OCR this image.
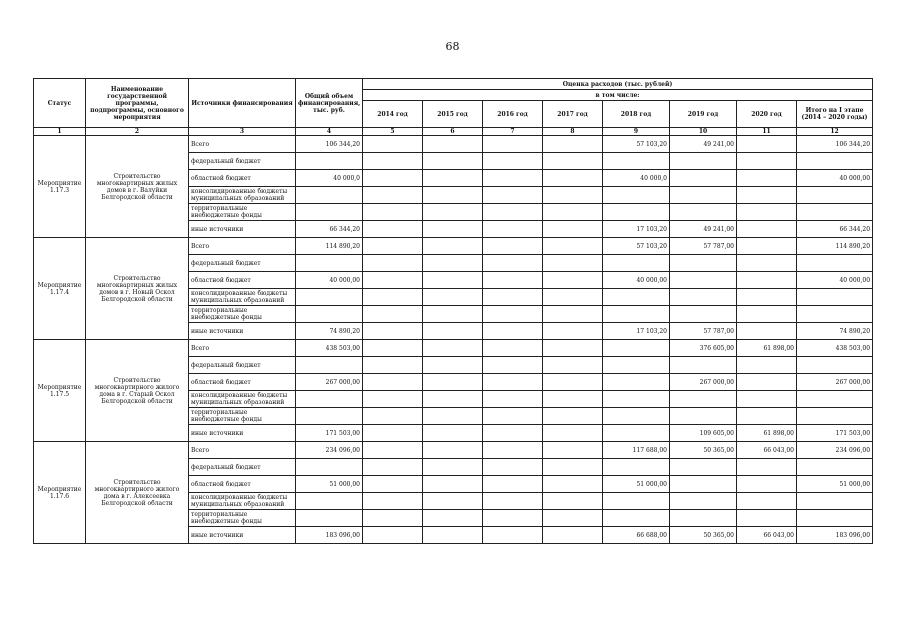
68
Статус	Наименование государственной программы, подпрограммы, основного мероприятия	Источники финансирования	Общий объем финансирования, тыс. руб.	Оценка расходов (тыс. рублей)							
				в том числе:							
				2014 год	2015 год	2016 год	2017 год	2018 год	2019 год	2020 год	Итого на I этапе (2014 – 2020 годы)
1	2	3	4	5	6	7	8	9	10	11	12
Мероприятие 1.17.3	Строительство многоквартирных жилых домов в г. Валуйки Белгородской области	Всего	106 344,20					57 103,20	49 241,00		106 344,20
		федеральный бюджет									
		областной бюджет	40 000,0					40 000,0			40 000,00
		консолидированные бюджеты муниципальных образований									
		территориальные внебюджетные фонды									
		иные источники	66 344,20					17 103,20	49 241,00		66 344,20
Мероприятие 1.17.4	Строительство многоквартирных жилых домов в г. Новый Оскол Белгородской области	Всего	114 890,20					57 103,20	57 787,00		114 890,20
		федеральный бюджет									
		областной бюджет	40 000,00					40 000,00			40 000,00
		консолидированные бюджеты муниципальных образований									
		территориальные внебюджетные фонды									
		иные источники	74 890,20					17 103,20	57 787,00		74 890,20
Мероприятие 1.17.5	Строительство многоквартирного жилого дома в г. Старый Оскол Белгородской области	Всего	438 503,00						376 605,00	61 898,00	438 503,00
		федеральный бюджет									
		областной бюджет	267 000,00						267 000,00		267 000,00
		консолидированные бюджеты муниципальных образований									
		территориальные внебюджетные фонды									
		иные источники	171 503,00						109 605,00	61 898,00	171 503,00
Мероприятие 1.17.6	Строительство многоквартирного жилого дома в г. Алексеевка Белгородской области	Всего	234 096,00					117 688,00	50 365,00	66 043,00	234 096,00
		федеральный бюджет									
		областной бюджет	51 000,00					51 000,00			51 000,00
		консолидированные бюджеты муниципальных образований									
		территориальные внебюджетные фонды									
		иные источники	183 096,00					66 688,00	50 365,00	66 043,00	183 096,00
